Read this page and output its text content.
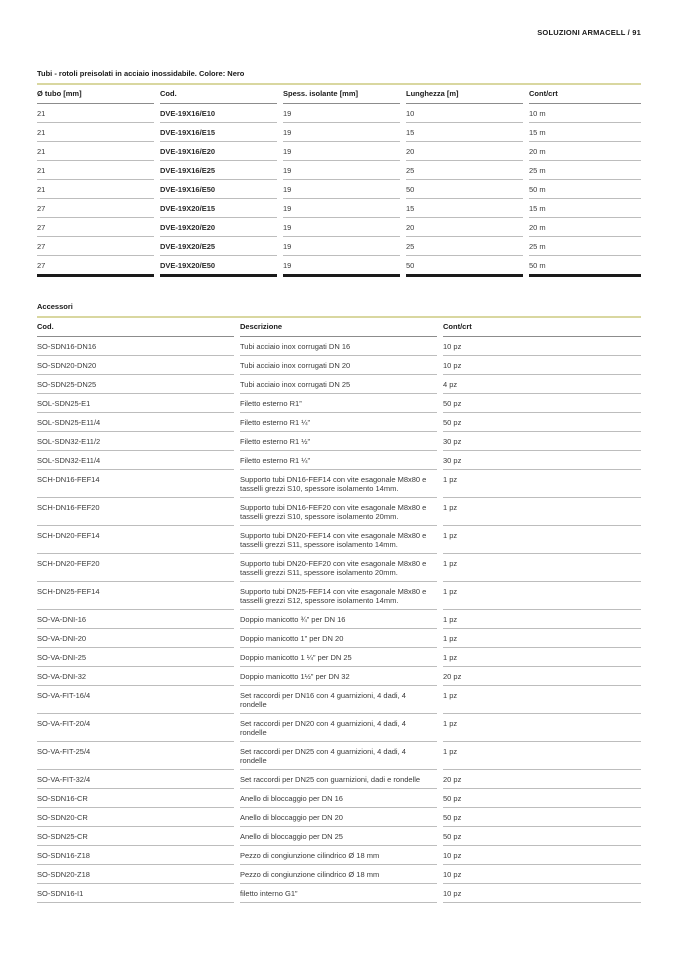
SOLUZIONI ARMACELL / 91
Tubi - rotoli preisolati in acciaio inossidabile. Colore: Nero
Ø tubo [mm]	Cod.	Spess. isolante [mm]	Lunghezza [m]	Cont/crt
21	DVE-19X16/E10	19	10	10 m
21	DVE-19X16/E15	19	15	15 m
21	DVE-19X16/E20	19	20	20 m
21	DVE-19X16/E25	19	25	25 m
21	DVE-19X16/E50	19	50	50 m
27	DVE-19X20/E15	19	15	15 m
27	DVE-19X20/E20	19	20	20 m
27	DVE-19X20/E25	19	25	25 m
27	DVE-19X20/E50	19	50	50 m
Accessori
Cod.	Descrizione	Cont/crt
SO-SDN16-DN16	Tubi acciaio inox corrugati DN 16	10 pz
SO-SDN20-DN20	Tubi acciaio inox corrugati DN 20	10 pz
SO-SDN25-DN25	Tubi acciaio inox corrugati DN 25	4 pz
SOL-SDN25-E1	Filetto esterno R1”	50 pz
SOL-SDN25-E11/4	Filetto esterno R1 ¼”	50 pz
SOL-SDN32-E11/2	Filetto esterno R1 ½”	30 pz
SOL-SDN32-E11/4	Filetto esterno R1 ¼”	30 pz
SCH-DN16-FEF14	Supporto tubi DN16-FEF14 con vite esagonale M8x80 e tasselli grezzi S10, spessore isolamento 14mm.	1 pz
SCH-DN16-FEF20	Supporto tubi DN16-FEF20 con vite esagonale M8x80 e tasselli grezzi S10, spessore isolamento 20mm.	1 pz
SCH-DN20-FEF14	Supporto tubi DN20-FEF14 con vite esagonale M8x80 e tasselli grezzi S11, spessore isolamento 14mm.	1 pz
SCH-DN20-FEF20	Supporto tubi DN20-FEF20 con vite esagonale M8x80 e tasselli grezzi S11, spessore isolamento 20mm.	1 pz
SCH-DN25-FEF14	Supporto tubi DN25-FEF14 con vite esagonale M8x80 e tasselli grezzi S12, spessore isolamento 14mm.	1 pz
SO-VA-DNI-16	Doppio manicotto ¾” per DN 16	1 pz
SO-VA-DNI-20	Doppio manicotto 1” per DN 20	1 pz
SO-VA-DNI-25	Doppio manicotto 1 ¼” per DN 25	1 pz
SO-VA-DNI-32	Doppio manicotto 1½” per DN 32	20 pz
SO-VA-FIT-16/4	Set raccordi per DN16 con 4 guarnizioni, 4 dadi, 4 rondelle	1 pz
SO-VA-FIT-20/4	Set raccordi per DN20 con 4 guarnizioni, 4 dadi, 4 rondelle	1 pz
SO-VA-FIT-25/4	Set raccordi per DN25 con 4 guarnizioni, 4 dadi, 4 rondelle	1 pz
SO-VA-FIT-32/4	Set raccordi per DN25 con guarnizioni, dadi e rondelle	20 pz
SO-SDN16-CR	Anello di bloccaggio per DN 16	50 pz
SO-SDN20-CR	Anello di bloccaggio per DN 20	50 pz
SO-SDN25-CR	Anello di bloccaggio per DN 25	50 pz
SO-SDN16-Z18	Pezzo di congiunzione cilindrico Ø 18 mm	10 pz
SO-SDN20-Z18	Pezzo di congiunzione cilindrico Ø 18 mm	10 pz
SO-SDN16-I1	filetto interno G1”	10 pz
